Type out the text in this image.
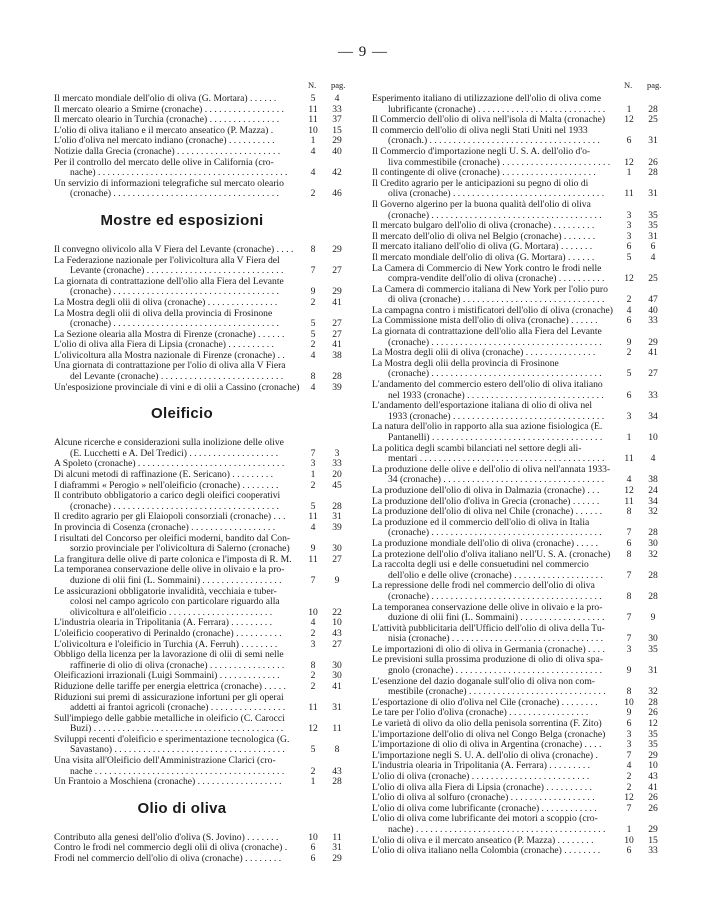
— 9 —
N. pag.
Il mercato mondiale dell'olio di oliva (G. Mortara) . . . . . .	5	4
Il mercato oleario a Smirne (cronache) . . . . . . . . . . . . . . . . .	11	33
Il mercato oleario in Turchia (cronache) . . . . . . . . . . . . . . .	11	37
L'olio di oliva italiano e il mercato anseatico (P. Mazza) .	10	15
L'olio d'oliva nel mercato indiano (cronache) . . . . . . . . . .	1	29
Notizie dalla Grecia (cronache) . . . . . . . . . . . . . . . . . . . . . .	4	40
Per il controllo del mercato delle olive in California (cro-
nache) . . . . . . . . . . . . . . . . . . . . . . . . . . . . . . . . . . . . . . . .	4	42
Un servizio di informazioni telegrafiche sul mercato oleario
(cronache) . . . . . . . . . . . . . . . . . . . . . . . . . . . . . . . . . . .	2	46
Mostre ed esposizioni
Il convegno olivicolo alla V Fiera del Levante (cronache) . . . .	8	29
La Federazione nazionale per l'olivicoltura alla V Fiera del
Levante (cronache) . . . . . . . . . . . . . . . . . . . . . . . . . . . . .	7	27
La giornata di contrattazione dell'olio alla Fiera del Levante
(cronache) . . . . . . . . . . . . . . . . . . . . . . . . . . . . . . . . . . .	9	29
La Mostra degli olii di oliva (cronache) . . . . . . . . . . . . . . .	2	41
La Mostra degli olii di oliva della provincia di Frosinone
(cronache) . . . . . . . . . . . . . . . . . . . . . . . . . . . . . . . . . . .	5	27
La Sezione olearia alla Mostra di Firenze (cronache) . . . . . .	5	27
L'olio di oliva alla Fiera di Lipsia (cronache) . . . . . . . . . .	2	41
L'olivicoltura alla Mostra nazionale di Firenze (cronache) . .	4	38
Una giornata di contrattazione per l'olio di oliva alla V Fiera
del Levante (cronache) . . . . . . . . . . . . . . . . . . . . . . . . . .	8	28
Un'esposizione provinciale di vini e di olii a Cassino (cronache)	4	39
Oleificio
Alcune ricerche e considerazioni sulla inolizione delle olive
(E. Lucchetti e A. Del Tredici) . . . . . . . . . . . . . . . . . . .	7	3
A Spoleto (cronache) . . . . . . . . . . . . . . . . . . . . . . . . . . . . . . .	3	33
Di alcuni metodi di raffinazione (E. Sericano) . . . . . . . . .	1	20
I diaframmi « Perogio » nell'oleificio (cronache) . . . . . . . .	2	45
Il contributo obbligatorio a carico degli oleifici cooperativi
(cronache) . . . . . . . . . . . . . . . . . . . . . . . . . . . . . . . . . . .	5	28
Il credito agrario per gli Elaiopoli consorziali (cronache) . . .	11	31
In provincia di Cosenza (cronache) . . . . . . . . . . . . . . . . . .	4	39
I risultati del Concorso per oleifici moderni, bandito dal Con-
sorzio provinciale per l'olivicoltura di Salerno (cronache)	9	30
La frangitura delle olive di parte colonica e l'imposta di R. M.	11	27
La temporanea conservazione delle olive in olivaio e la pro-
duzione di olii fini (L. Sommaini) . . . . . . . . . . . . . . . . .	7	9
Le assicurazioni obbligatorie invalidità, vecchiaia e tuber-
colosi nel campo agricolo con particolare riguardo alla
olivicoltura e all'oleificio . . . . . . . . . . . . . . . . . . . . . .	10	22
L'industria olearia in Tripolitania (A. Ferrara) . . . . . . . . .	4	10
L'oleificio cooperativo di Perinaldo (cronache) . . . . . . . . . .	2	43
L'olivicoltura e l'oleificio in Turchia (A. Ferruh) . . . . . . . .	3	27
Obbligo della licenza per la lavorazione di olii di semi nelle
raffinerie di olio di oliva (cronache) . . . . . . . . . . . . . . . .	8	30
Oleificazioni irrazionali (Luigi Sommaini) . . . . . . . . . . . . .	2	30
Riduzione delle tariffe per energia elettrica (cronache) . . . . .	2	41
Riduzioni sui premi di assicurazione infortuni per gli operai
addetti ai frantoi agricoli (cronache) . . . . . . . . . . . . . . . .	11	31
Sull'impiego delle gabbie metalliche in oleificio (C. Carocci
Buzi) . . . . . . . . . . . . . . . . . . . . . . . . . . . . . . . . . . . . . . . .	12	11
Sviluppi recenti d'oleificio e sperimentazione tecnologica (G.
Savastano) . . . . . . . . . . . . . . . . . . . . . . . . . . . . . . . . . . . .	5	8
Una visita all'Oleificio dell'Amministrazione Clarici (cro-
nache . . . . . . . . . . . . . . . . . . . . . . . . . . . . . . . . . . . . . . . .	2	43
Un Frantoio a Moschiena (cronache) . . . . . . . . . . . . . . . . . .	1	28
Olio di oliva
Contributo alla genesi dell'olio d'oliva (S. Jovino) . . . . . . .	10	11
Contro le frodi nel commercio degli olii di oliva (cronache) .	6	31
Frodi nel commercio dell'olio di oliva (cronache) . . . . . . . .	6	29
N. pag.
Esperimento italiano di utilizzazione dell'olio di oliva come
lubrificante (cronache) . . . . . . . . . . . . . . . . . . . . . . . . . . .	1	28
Il Commercio dell'olio di oliva nell'isola di Malta (cronache)	12	25
Il commercio dell'olio di oliva negli Stati Uniti nel 1933
(cronach.) . . . . . . . . . . . . . . . . . . . . . . . . . . . . . . . . . . . .	6	31
Il Commercio d'importazione negli U. S. A. dell'olio d'o-
liva commestibile (cronache) . . . . . . . . . . . . . . . . . . . . . . .	12	26
Il contingente di olive (cronache) . . . . . . . . . . . . . . . . . . . .	1	28
Il Credito agrario per le anticipazioni su pegno di olio di
oliva (cronache) . . . . . . . . . . . . . . . . . . . . . . . . . . . . . . . .	11	31
Il Governo algerino per la buona qualità dell'olio di oliva
(cronache) . . . . . . . . . . . . . . . . . . . . . . . . . . . . . . . . . . . .	3	35
Il mercato bulgaro dell'olio di oliva (cronache) . . . . . . . . .	3	35
Il mercato dell'olio di oliva nel Belgio (cronache) . . . . . . .	3	31
Il mercato italiano dell'olio di oliva (G. Mortara) . . . . . . .	6	6
Il mercato mondiale dell'olio di oliva (G. Mortara) . . . . . .	5	4
La Camera di Commercio di New York contro le frodi nelle
compra-vendite dell'olio di oliva (cronache) . . . . . . . . . .	12	25
La Camera di commercio italiana di New York per l'olio puro
di oliva (cronache) . . . . . . . . . . . . . . . . . . . . . . . . . . . . . .	2	47
La campagna contro i mistificatori dell'olio di oliva (cronache)	4	40
La Commissione mista dell'olio di oliva (cronache) . . . . . .	6	33
La giornata di contrattazione dell'olio alla Fiera del Levante
(cronache) . . . . . . . . . . . . . . . . . . . . . . . . . . . . . . . . . . . .	9	29
La Mostra degli olii di oliva (cronache) . . . . . . . . . . . . . . .	2	41
La Mostra degli olii della provincia di Frosinone
(cronache) . . . . . . . . . . . . . . . . . . . . . . . . . . . . . . . . . . . .	5	27
L'andamento del commercio estero dell'olio di oliva italiano
nel 1933 (cronache) . . . . . . . . . . . . . . . . . . . . . . . . . . . . .	6	33
L'andamento dell'esportazione italiana di olio di oliva nel
1933 (cronache) . . . . . . . . . . . . . . . . . . . . . . . . . . . . . . . .	3	34
La natura dell'olio in rapporto alla sua azione fisiologica (E.
Pantanelli) . . . . . . . . . . . . . . . . . . . . . . . . . . . . . . . . . . . .	1	10
La politica degli scambi bilanciati nel settore degli alì-
mentari . . . . . . . . . . . . . . . . . . . . . . . . . . . . . . . . . . . . . . .	11	4
La produzione delle olive e dell'olio di oliva nell'annata 1933-
34 (cronache) . . . . . . . . . . . . . . . . . . . . . . . . . . . . . . . . . .	4	38
La produzione dell'olio di oliva in Dalmazia (cronache) . . .	12	24
La produzione dell'olio d'oliva in Grecia (cronache) . . . . . .	11	34
La produzione dell'olio di oliva nel Chile (cronache) . . . . . .	8	32
La produzione ed il commercio dell'olio di oliva in Italia
(cronache) . . . . . . . . . . . . . . . . . . . . . . . . . . . . . . . . . . . .	7	28
La produzione mondiale dell'olio di oliva (cronache) . . . . .	6	30
La protezione dell'olio d'oliva italiano nell'U. S. A. (cronache)	8	32
La raccolta degli usi e delle consuetudini nel commercio
dell'olio e delle olive (cronache) . . . . . . . . . . . . . . . . . . .	7	28
La repressione delle frodi nel commercio dell'olio di oliva
(cronache) . . . . . . . . . . . . . . . . . . . . . . . . . . . . . . . . . . . .	8	28
La temporanea conservazione delle olive in olivaio e la pro-
duzione di olii fini (L. Sommaini) . . . . . . . . . . . . . . . . . .	7	9
L'attività pubblicitaria dell'Ufficio dell'olio di oliva della Tu-
nisia (cronache) . . . . . . . . . . . . . . . . . . . . . . . . . . . . . . . .	7	30
Le importazioni di olio di oliva in Germania (cronache) . . . .	3	35
Le previsioni sulla prossima produzione di olio di oliva spa-
gnolo (cronache) . . . . . . . . . . . . . . . . . . . . . . . . . . . . . . .	9	31
L'esenzione del dazio doganale sull'olio di oliva non com-
mestibile (cronache) . . . . . . . . . . . . . . . . . . . . . . . . . . . . .	8	32
L'esportazione di olio d'oliva nel Cile (cronache) . . . . . . . .	10	28
Le tare per l'olio d'oliva (cronache) . . . . . . . . . . . . . . . . .	9	26
Le varietà di olivo da olio della penisola sorrentina (F. Zito)	6	12
L'importazione dell'olio di oliva nel Congo Belga (cronache)	3	35
L'importazione di olio di oliva in Argentina (cronache) . . . .	3	35
L'importazione negli S. U. A. dell'olio di oliva (cronache) .	7	29
L'industria olearia in Tripolitania (A. Ferrara) . . . . . . . . .	4	10
L'olio di oliva (cronache) . . . . . . . . . . . . . . . . . . . . . . . . .	2	43
L'olio di oliva alla Fiera di Lipsia (cronache) . . . . . . . . . .	2	41
L'olio di oliva al solfuro (cronache) . . . . . . . . . . . . . . . . . .	12	26
L'olio di oliva come lubrificante (cronache) . . . . . . . . . . . .	7	26
L'olio di oliva come lubrificante dei motori a scoppio (cro-
nache) . . . . . . . . . . . . . . . . . . . . . . . . . . . . . . . . . . . . . . . .	1	29
L'olio di oliva e il mercato anseatico (P. Mazza) . . . . . . . .	10	15
L'olio di oliva italiano nella Colombia (cronache) . . . . . . . .	6	33
